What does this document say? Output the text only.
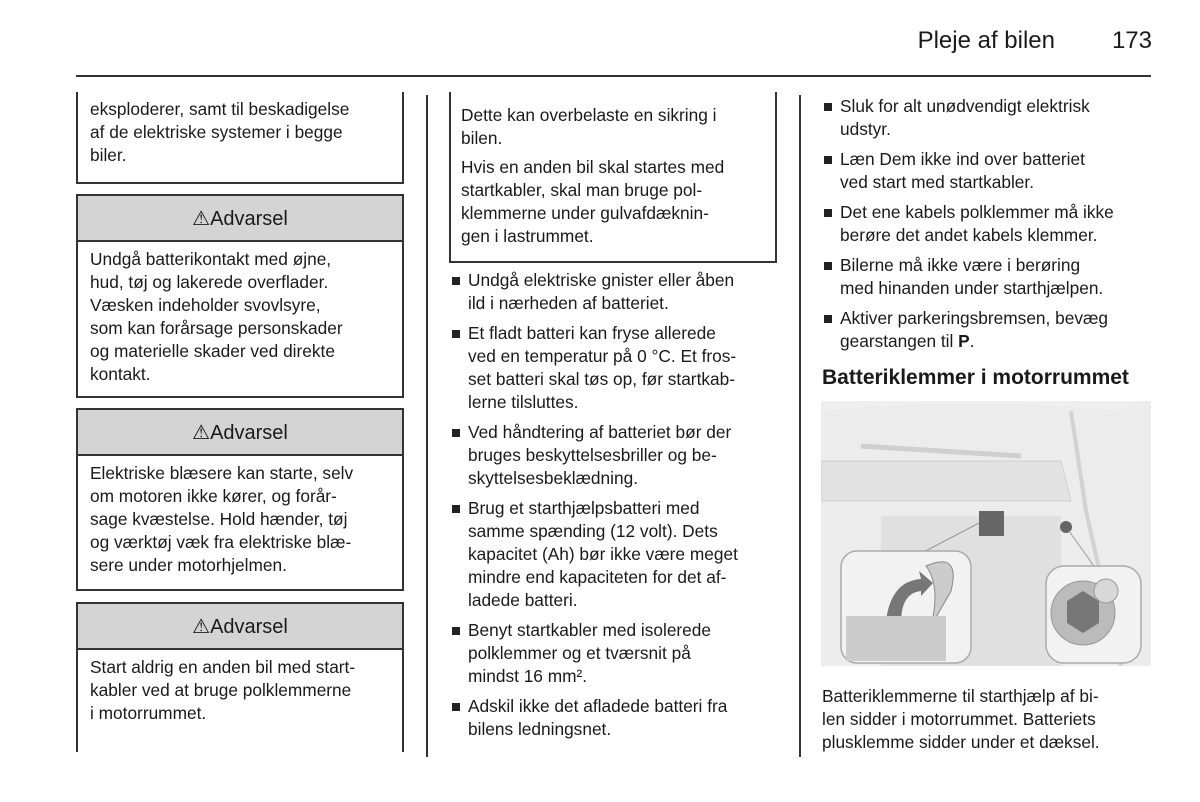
Pleje af bilen	173
eksploderer, samt til beskadigelse
af de elektriske systemer i begge
biler.
⚠Advarsel
Undgå batterikontakt med øjne,
hud, tøj og lakerede overflader.
Væsken indeholder svovlsyre,
som kan forårsage personskader
og materielle skader ved direkte
kontakt.
⚠Advarsel
Elektriske blæsere kan starte, selv
om motoren ikke kører, og forår-
sage kvæstelse. Hold hænder, tøj
og værktøj væk fra elektriske blæ-
sere under motorhjelmen.
⚠Advarsel
Start aldrig en anden bil med start-
kabler ved at bruge polklemmerne
i motorrummet.

Dette kan overbelaste en sikring i
bilen.

Hvis en anden bil skal startes med
startkabler, skal man bruge pol-
klemmerne under gulvafdæknin-
gen i lastrummet.

Undgå elektriske gnister eller åben
ild i nærheden af batteriet.
Et fladt batteri kan fryse allerede
ved en temperatur på 0 °C. Et fros-
set batteri skal tøs op, før startkab-
lerne tilsluttes.
Ved håndtering af batteriet bør der
bruges beskyttelsesbriller og be-
skyttelsesbeklædning.
Brug et starthjælpsbatteri med
samme spænding (12 volt). Dets
kapacitet (Ah) bør ikke være meget
mindre end kapaciteten for det af-
ladede batteri.
Benyt startkabler med isolerede
polklemmer og et tværsnit på
mindst 16 mm².
Adskil ikke det afladede batteri fra
bilens ledningsnet.
Sluk for alt unødvendigt elektrisk
udstyr.
Læn Dem ikke ind over batteriet
ved start med startkabler.
Det ene kabels polklemmer må ikke
berøre det andet kabels klemmer.
Bilerne må ikke være i berøring
med hinanden under starthjælpen.
Aktiver parkeringsbremsen, bevæg
gearstangen til P.
Batteriklemmer i motorrummet

Batteriklemmerne til starthjælp af bi-
len sidder i motorrummet. Batteriets
plusklemme sidder under et dæksel.
